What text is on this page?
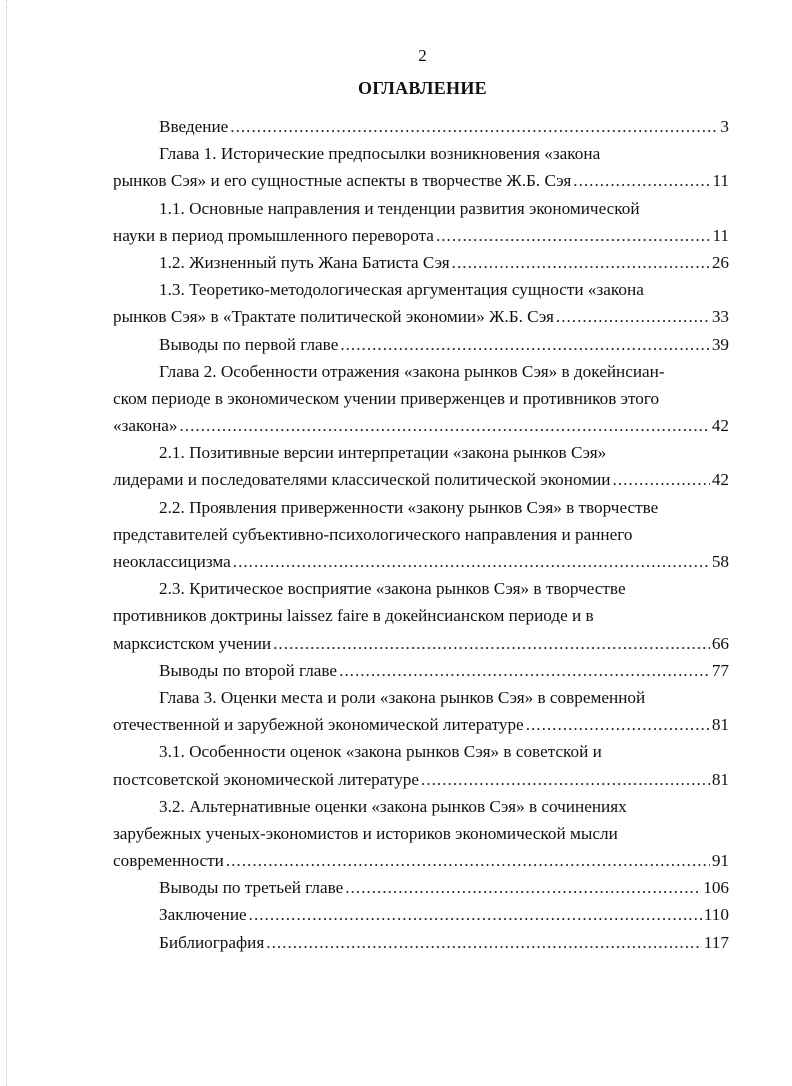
2
ОГЛАВЛЕНИЕ
Введение .....	3
Глава 1. Исторические предпосылки возникновения «закона
рынков Сэя» и его сущностные аспекты в творчестве Ж.Б. Сэя .....	11
1.1. Основные направления и тенденции развития экономической
науки в период промышленного переворота .....	11
1.2. Жизненный путь Жана Батиста Сэя .....	26
1.3. Теоретико-методологическая аргументация сущности «закона
рынков Сэя» в «Трактате политической экономии» Ж.Б. Сэя .....	33
Выводы по первой главе .....	39
Глава 2. Особенности отражения «закона рынков Сэя» в докейнсиан-
ском периоде в экономическом учении приверженцев и противников этого
«закона» .....	42
2.1. Позитивные версии интерпретации «закона рынков Сэя»
лидерами и последователями классической политической экономии .....	42
2.2. Проявления приверженности «закону рынков Сэя» в творчестве
представителей субъективно-психологического направления и раннего
неоклассицизма .....	58
2.3. Критическое восприятие «закона рынков Сэя» в творчестве
противников доктрины laissez faire в докейнсианском периоде и в
марксистском учении .....	66
Выводы по второй главе .....	77
Глава 3. Оценки места и роли «закона рынков Сэя» в современной
отечественной и зарубежной экономической литературе .....	81
3.1. Особенности оценок «закона рынков Сэя» в советской и
постсоветской экономической литературе .....	81
3.2. Альтернативные оценки «закона рынков Сэя» в сочинениях
зарубежных ученых-экономистов и историков экономической мысли
современности .....	91
Выводы по третьей главе .....	106
Заключение .....	110
Библиография .....	117
